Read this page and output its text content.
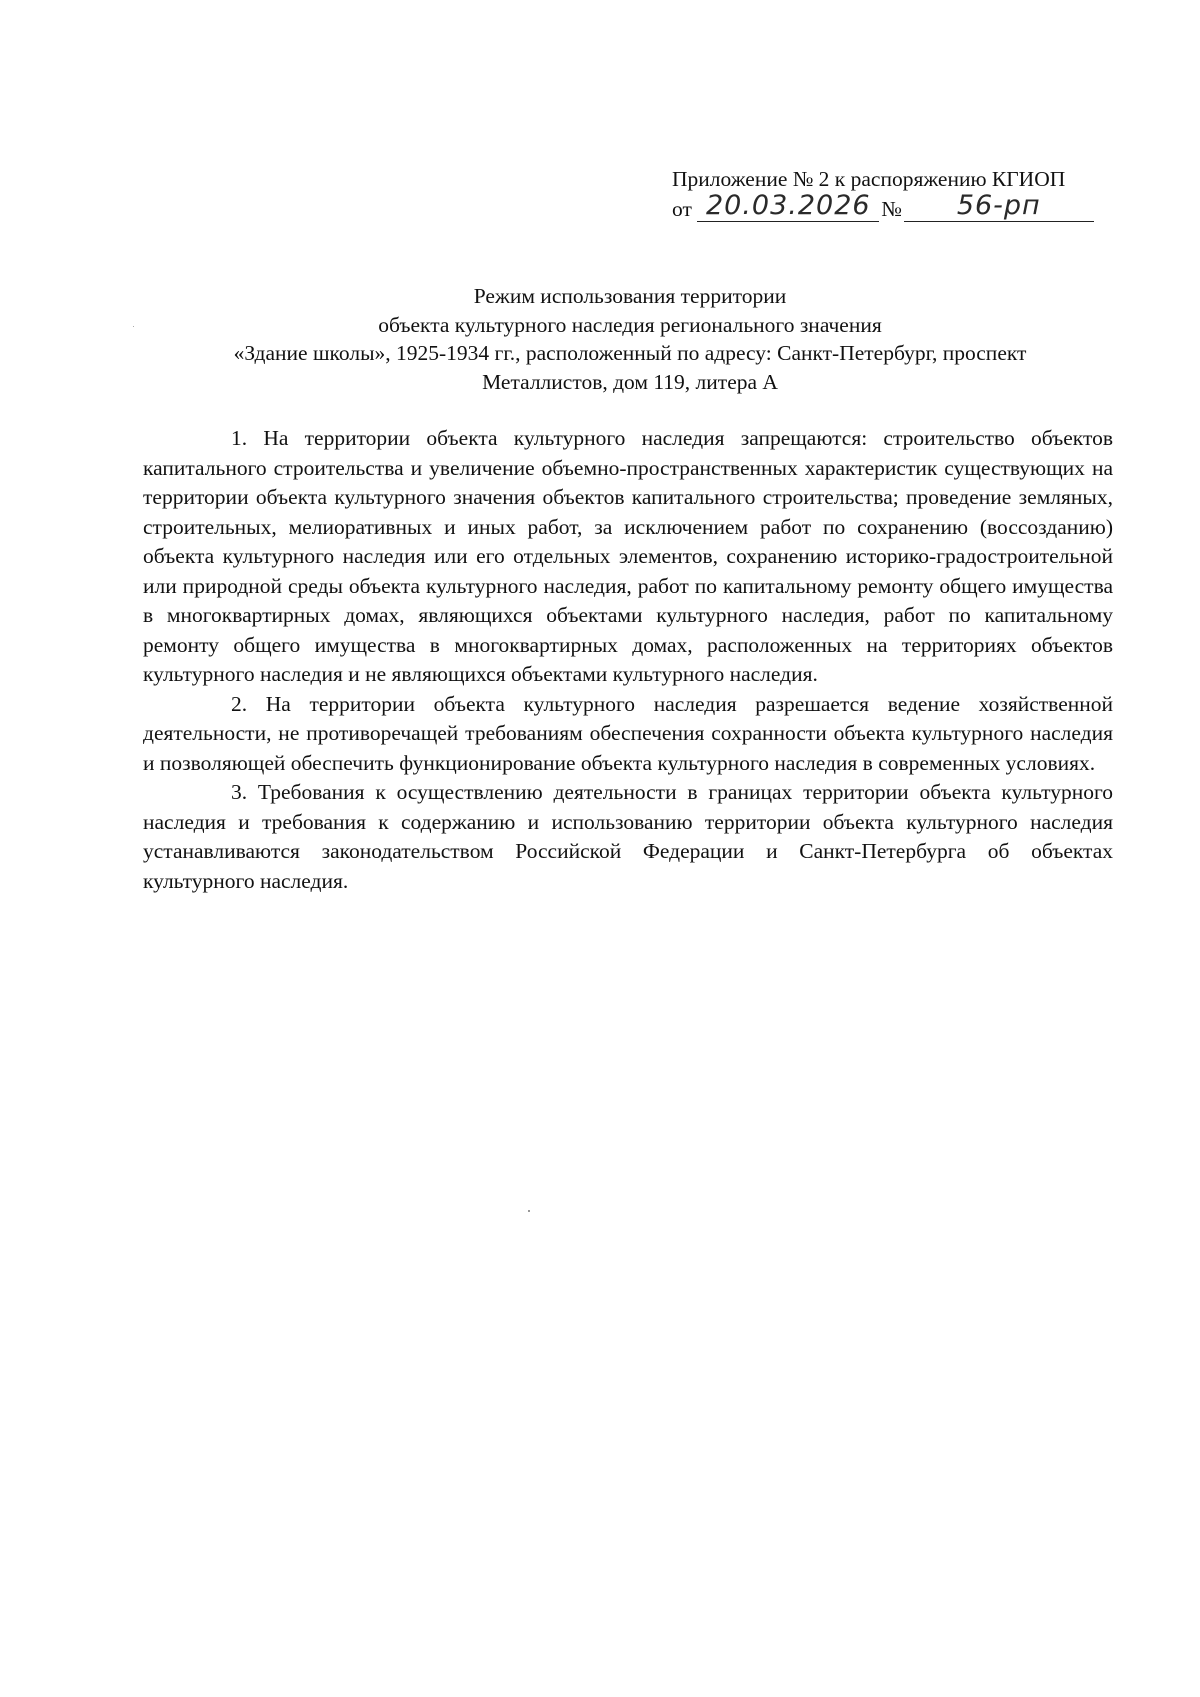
Приложение № 2 к распоряжению КГИОП
от 20.03.2026 № 56-рп
Режим использования территории
объекта культурного наследия регионального значения
«Здание школы», 1925-1934 гг., расположенный по адресу: Санкт-Петербург, проспект
Металлистов, дом 119, литера А

1. На территории объекта культурного наследия запрещаются: строительство объектов капитального строительства и увеличение объемно-пространственных характеристик существующих на территории объекта культурного значения объектов капитального строительства; проведение земляных, строительных, мелиоративных и иных работ, за исключением работ по сохранению (воссозданию) объекта культурного наследия или его отдельных элементов, сохранению историко-градостроительной или природной среды объекта культурного наследия, работ по капитальному ремонту общего имущества в многоквартирных домах, являющихся объектами культурного наследия, работ по капитальному ремонту общего имущества в многоквартирных домах, расположенных на территориях объектов культурного наследия и не являющихся объектами культурного наследия.

2. На территории объекта культурного наследия разрешается ведение хозяйственной деятельности, не противоречащей требованиям обеспечения сохранности объекта культурного наследия и позволяющей обеспечить функционирование объекта культурного наследия в современных условиях.

3. Требования к осуществлению деятельности в границах территории объекта культурного наследия и требования к содержанию и использованию территории объекта культурного наследия устанавливаются законодательством Российской Федерации и Санкт-Петербурга об объектах культурного наследия.
